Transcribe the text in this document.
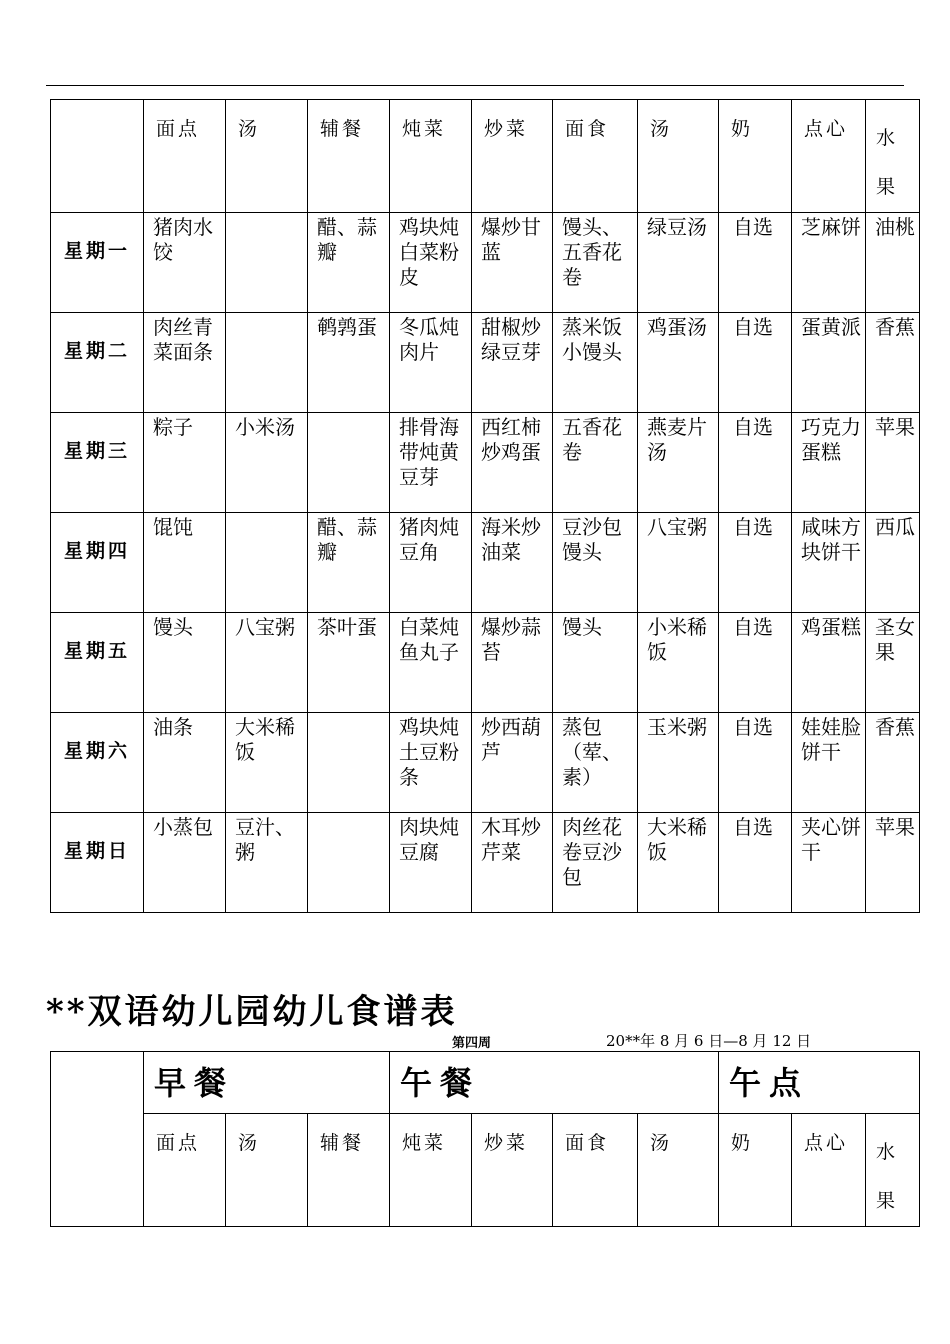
	面点	汤	辅餐	炖菜	炒菜	面食	汤	奶	点心	水果
星期一	猪肉水饺		醋、蒜瓣	鸡块炖白菜粉皮	爆炒甘蓝	馒头、五香花卷	绿豆汤	自选	芝麻饼	油桃
星期二	肉丝青菜面条		鹌鹑蛋	冬瓜炖肉片	甜椒炒绿豆芽	蒸米饭小馒头	鸡蛋汤	自选	蛋黄派	香蕉
星期三	粽子	小米汤		排骨海带炖黄豆芽	西红柿炒鸡蛋	五香花卷	燕麦片汤	自选	巧克力蛋糕	苹果
星期四	馄饨		醋、蒜瓣	猪肉炖豆角	海米炒油菜	豆沙包馒头	八宝粥	自选	咸味方块饼干	西瓜
星期五	馒头	八宝粥	茶叶蛋	白菜炖鱼丸子	爆炒蒜苔	馒头	小米稀饭	自选	鸡蛋糕	圣女果
星期六	油条	大米稀饭		鸡块炖土豆粉条	炒西葫芦	蒸包（荤、素）	玉米粥	自选	娃娃脸饼干	香蕉
星期日	小蒸包	豆汁、粥		肉块炖豆腐	木耳炒芹菜	肉丝花卷豆沙包	大米稀饭	自选	夹心饼干	苹果
**双语幼儿园幼儿食谱表
第四周	20**年 8 月 6 日—8 月 12 日
	早餐			午餐				午点		
	面点	汤	辅餐	炖菜	炒菜	面食	汤	奶	点心	水果
